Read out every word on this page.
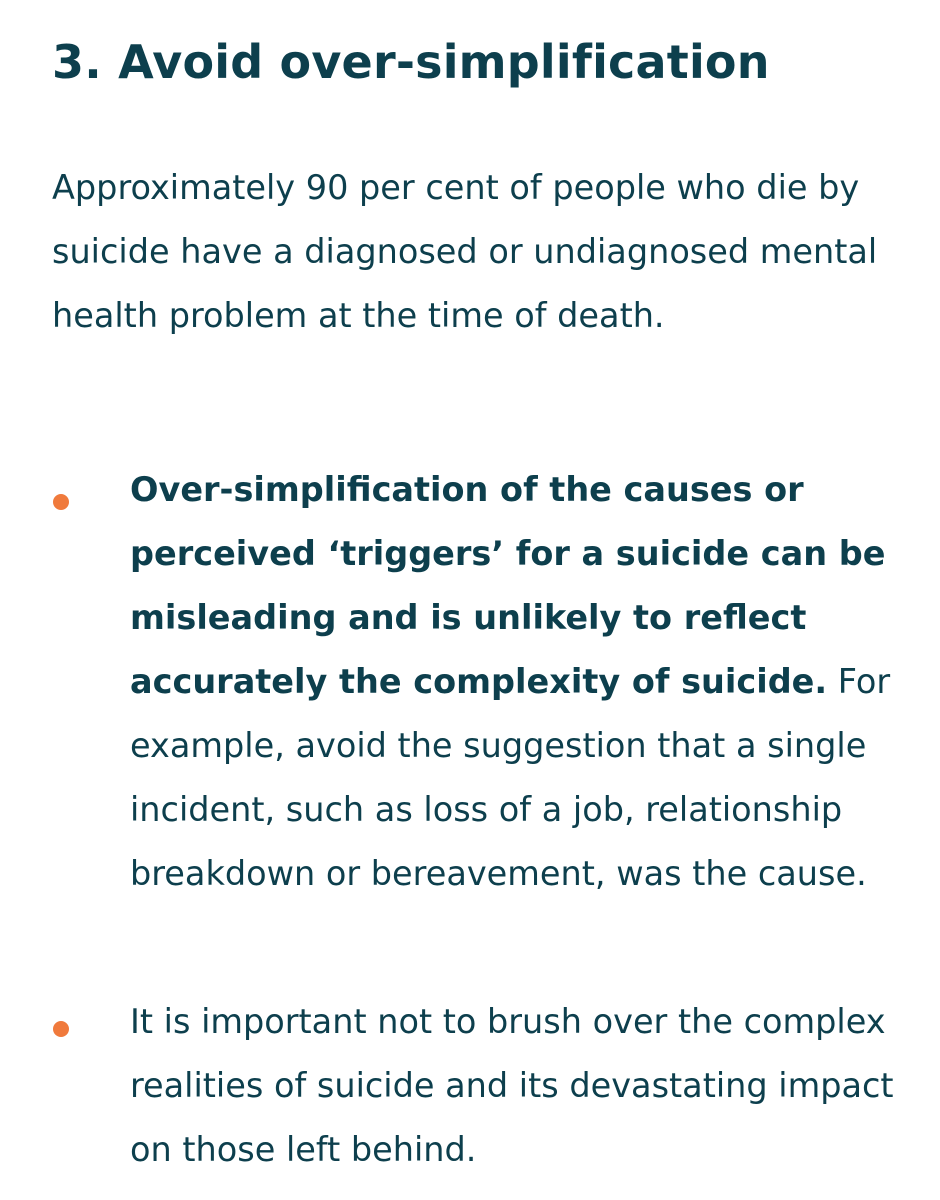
3. Avoid over-simplification

Approximately 90 per cent of people who die by suicide have a diagnosed or undiagnosed mental health problem at the time of death.

Over-simplification of the causes or perceived ‘triggers’ for a suicide can be misleading and is unlikely to reflect accurately the complexity of suicide. For example, avoid the suggestion that a single incident, such as loss of a job, relationship breakdown or bereavement, was the cause.

It is important not to brush over the complex realities of suicide and its devastating impact on those left behind.
